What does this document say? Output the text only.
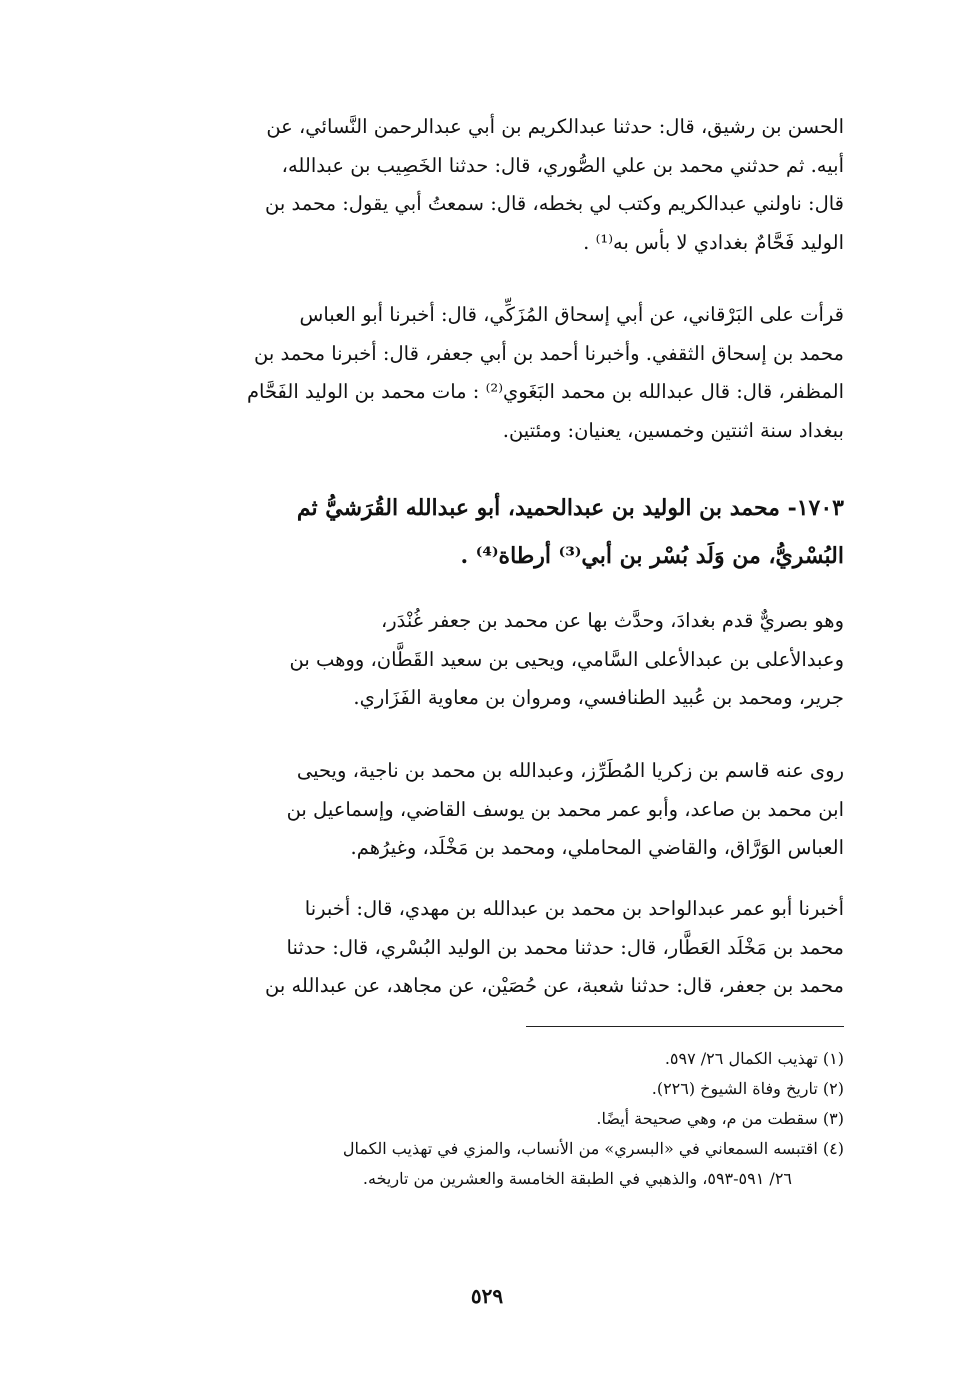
الحسن بن رشيق، قال: حدثنا عبدالكريم بن أبي عبدالرحمن النَّسائي، عن
أبيه. ثم حدثني محمد بن علي الصُّوري، قال: حدثنا الخَصِيب بن عبدالله،
قال: ناولني عبدالكريم وكتب لي بخطه، قال: سمعتُ أبي يقول: محمد بن
الوليد فَحَّامٌ بغدادي لا بأس به⁽¹⁾ .
قرأت على البَرْقاني، عن أبي إسحاق المُزَكِّي، قال: أخبرنا أبو العباس
محمد بن إسحاق الثقفي. وأخبرنا أحمد بن أبي جعفر، قال: أخبرنا محمد بن
المظفر، قال: قال عبدالله بن محمد البَغَوي⁽²⁾ : مات محمد بن الوليد الفَحَّام
ببغداد سنة اثنتين وخمسين، يعنيان: ومئتين.
١٧٠٣- محمد بن الوليد بن عبدالحميد، أبو عبدالله القُرَشيُّ ثم
البُسْريُّ، من وَلَد بُسْر بن أبي⁽³⁾ أرطاة⁽⁴⁾ .
وهو بصريٌّ قدم بغدادَ، وحدَّث بها عن محمد بن جعفر غُنْدَر،
وعبدالأعلى بن عبدالأعلى السَّامي، ويحيى بن سعيد القَطَّان، ووهب بن
جرير، ومحمد بن عُبيد الطنافسي، ومروان بن معاوية الفَزَاري.
روى عنه قاسم بن زكريا المُطَرِّز، وعبدالله بن محمد بن ناجية، ويحيى
ابن محمد بن صاعد، وأبو عمر محمد بن يوسف القاضي، وإسماعيل بن
العباس الوَرَّاق، والقاضي المحاملي، ومحمد بن مَخْلَد، وغيرُهم.
أخبرنا أبو عمر عبدالواحد بن محمد بن عبدالله بن مهدي، قال: أخبرنا
محمد بن مَخْلَد العَطَّار، قال: حدثنا محمد بن الوليد البُسْري، قال: حدثنا
محمد بن جعفر، قال: حدثنا شعبة، عن حُصَيْن، عن مجاهد، عن عبدالله بن
(١) تهذيب الكمال ٢٦/ ٥٩٧.
(٢) تاريخ وفاة الشيوخ (٢٢٦).
(٣) سقطت من م، وهي صحيحة أيضًا.
(٤) اقتبسه السمعاني في «البسري» من الأنساب، والمزي في تهذيب الكمال
٢٦/ ٥٩١-٥٩٣، والذهبي في الطبقة الخامسة والعشرين من تاريخه.
٥٢٩
